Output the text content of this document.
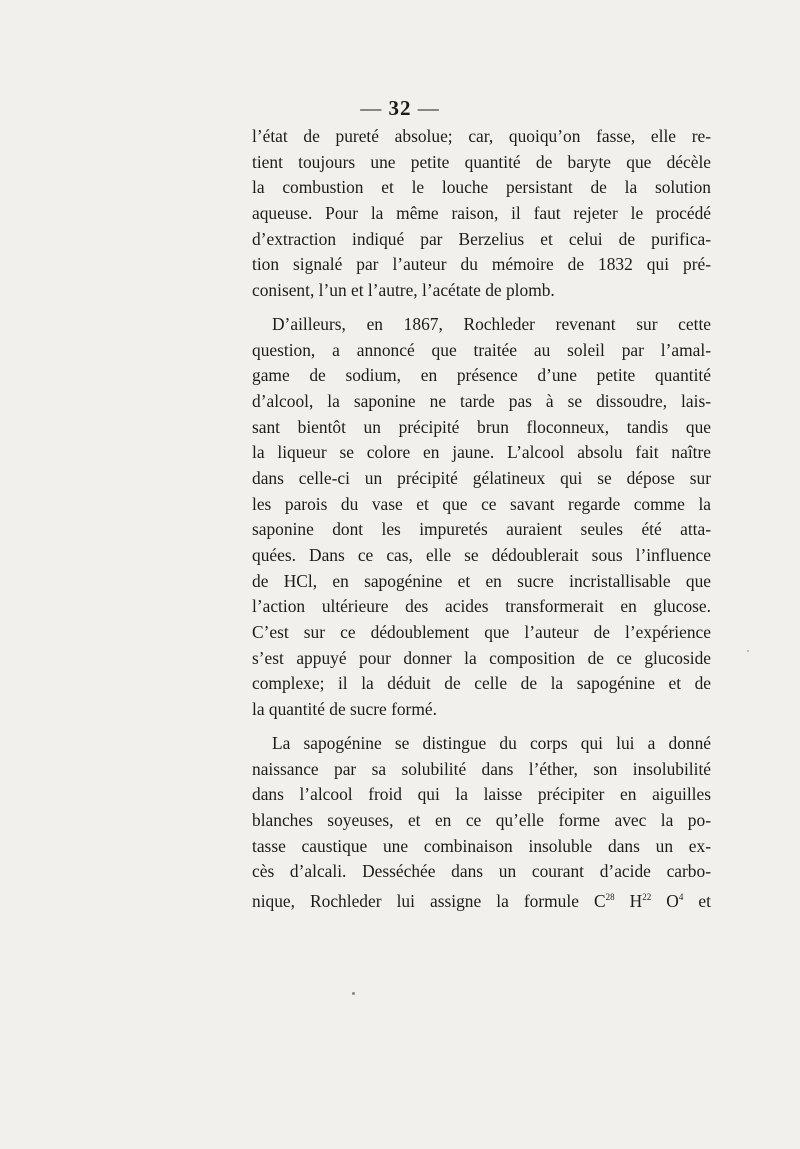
— 32 —
l’état de pureté absolue; car, quoiqu’on fasse, elle re-
tient toujours une petite quantité de baryte que décèle
la combustion et le louche persistant de la solution
aqueuse. Pour la même raison, il faut rejeter le procédé
d’extraction indiqué par Berzelius et celui de purifica-
tion signalé par l’auteur du mémoire de 1832 qui pré-
conisent, l’un et l’autre, l’acétate de plomb.
D’ailleurs, en 1867, Rochleder revenant sur cette
question, a annoncé que traitée au soleil par l’amal-
game de sodium, en présence d’une petite quantité
d’alcool, la saponine ne tarde pas à se dissoudre, lais-
sant bientôt un précipité brun floconneux, tandis que
la liqueur se colore en jaune. L’alcool absolu fait naître
dans celle-ci un précipité gélatineux qui se dépose sur
les parois du vase et que ce savant regarde comme la
saponine dont les impuretés auraient seules été atta-
quées. Dans ce cas, elle se dédoublerait sous l’influence
de HCl, en sapogénine et en sucre incristallisable que
l’action ultérieure des acides transformerait en glucose.
C’est sur ce dédoublement que l’auteur de l’expérience
s’est appuyé pour donner la composition de ce glucoside
complexe; il la déduit de celle de la sapogénine et de
la quantité de sucre formé.
La sapogénine se distingue du corps qui lui a donné
naissance par sa solubilité dans l’éther, son insolubilité
dans l’alcool froid qui la laisse précipiter en aiguilles
blanches soyeuses, et en ce qu’elle forme avec la po-
tasse caustique une combinaison insoluble dans un ex-
cès d’alcali. Desséchée dans un courant d’acide carbo-
nique, Rochleder lui assigne la formule $C^{28}$ $H^{22}$ $O^4$ et
